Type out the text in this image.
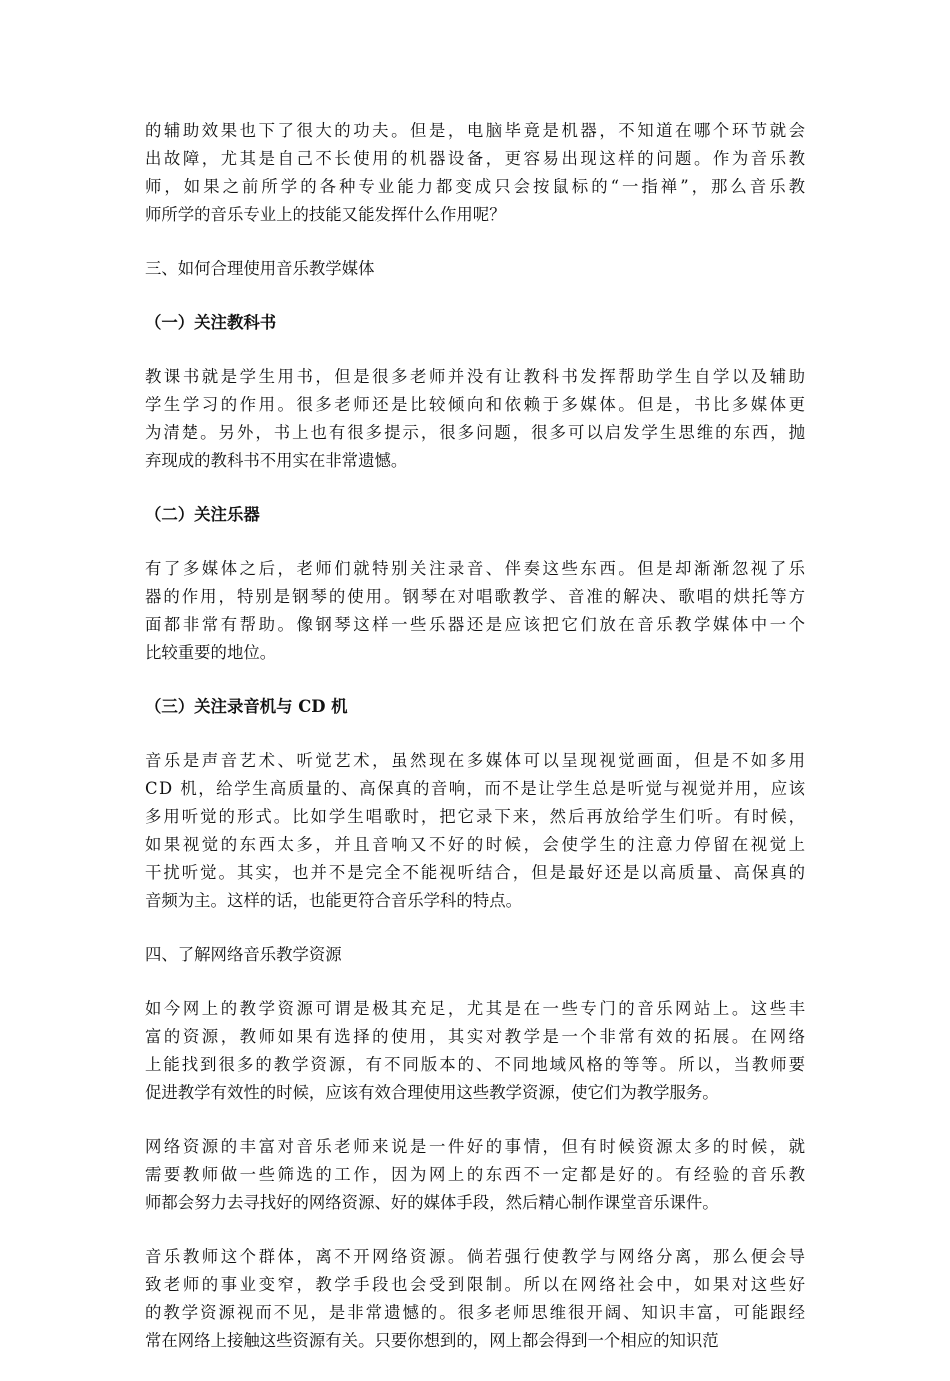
的辅助效果也下了很大的功夫。但是，电脑毕竟是机器，不知道在哪个环节就会
出故障，尤其是自己不长使用的机器设备，更容易出现这样的问题。作为音乐教
师，如果之前所学的各种专业能力都变成只会按鼠标的“一指禅”，那么音乐教
师所学的音乐专业上的技能又能发挥什么作用呢？
三、如何合理使用音乐教学媒体
（一）关注教科书
教课书就是学生用书，但是很多老师并没有让教科书发挥帮助学生自学以及辅助
学生学习的作用。很多老师还是比较倾向和依赖于多媒体。但是，书比多媒体更
为清楚。另外，书上也有很多提示，很多问题，很多可以启发学生思维的东西，抛
弃现成的教科书不用实在非常遗憾。
（二）关注乐器
有了多媒体之后，老师们就特别关注录音、伴奏这些东西。但是却渐渐忽视了乐
器的作用，特别是钢琴的使用。钢琴在对唱歌教学、音准的解决、歌唱的烘托等方
面都非常有帮助。像钢琴这样一些乐器还是应该把它们放在音乐教学媒体中一个
比较重要的地位。
（三）关注录音机与 CD 机
音乐是声音艺术、听觉艺术，虽然现在多媒体可以呈现视觉画面，但是不如多用
CD 机，给学生高质量的、高保真的音响，而不是让学生总是听觉与视觉并用，应该
多用听觉的形式。比如学生唱歌时，把它录下来，然后再放给学生们听。有时候，
如果视觉的东西太多，并且音响又不好的时候，会使学生的注意力停留在视觉上
干扰听觉。其实，也并不是完全不能视听结合，但是最好还是以高质量、高保真的
音频为主。这样的话，也能更符合音乐学科的特点。
四、了解网络音乐教学资源
如今网上的教学资源可谓是极其充足，尤其是在一些专门的音乐网站上。这些丰
富的资源，教师如果有选择的使用，其实对教学是一个非常有效的拓展。在网络
上能找到很多的教学资源，有不同版本的、不同地域风格的等等。所以，当教师要
促进教学有效性的时候，应该有效合理使用这些教学资源，使它们为教学服务。
网络资源的丰富对音乐老师来说是一件好的事情，但有时候资源太多的时候，就
需要教师做一些筛选的工作，因为网上的东西不一定都是好的。有经验的音乐教
师都会努力去寻找好的网络资源、好的媒体手段，然后精心制作课堂音乐课件。
音乐教师这个群体，离不开网络资源。倘若强行使教学与网络分离，那么便会导
致老师的事业变窄，教学手段也会受到限制。所以在网络社会中，如果对这些好
的教学资源视而不见，是非常遗憾的。很多老师思维很开阔、知识丰富，可能跟经
常在网络上接触这些资源有关。只要你想到的，网上都会得到一个相应的知识范
